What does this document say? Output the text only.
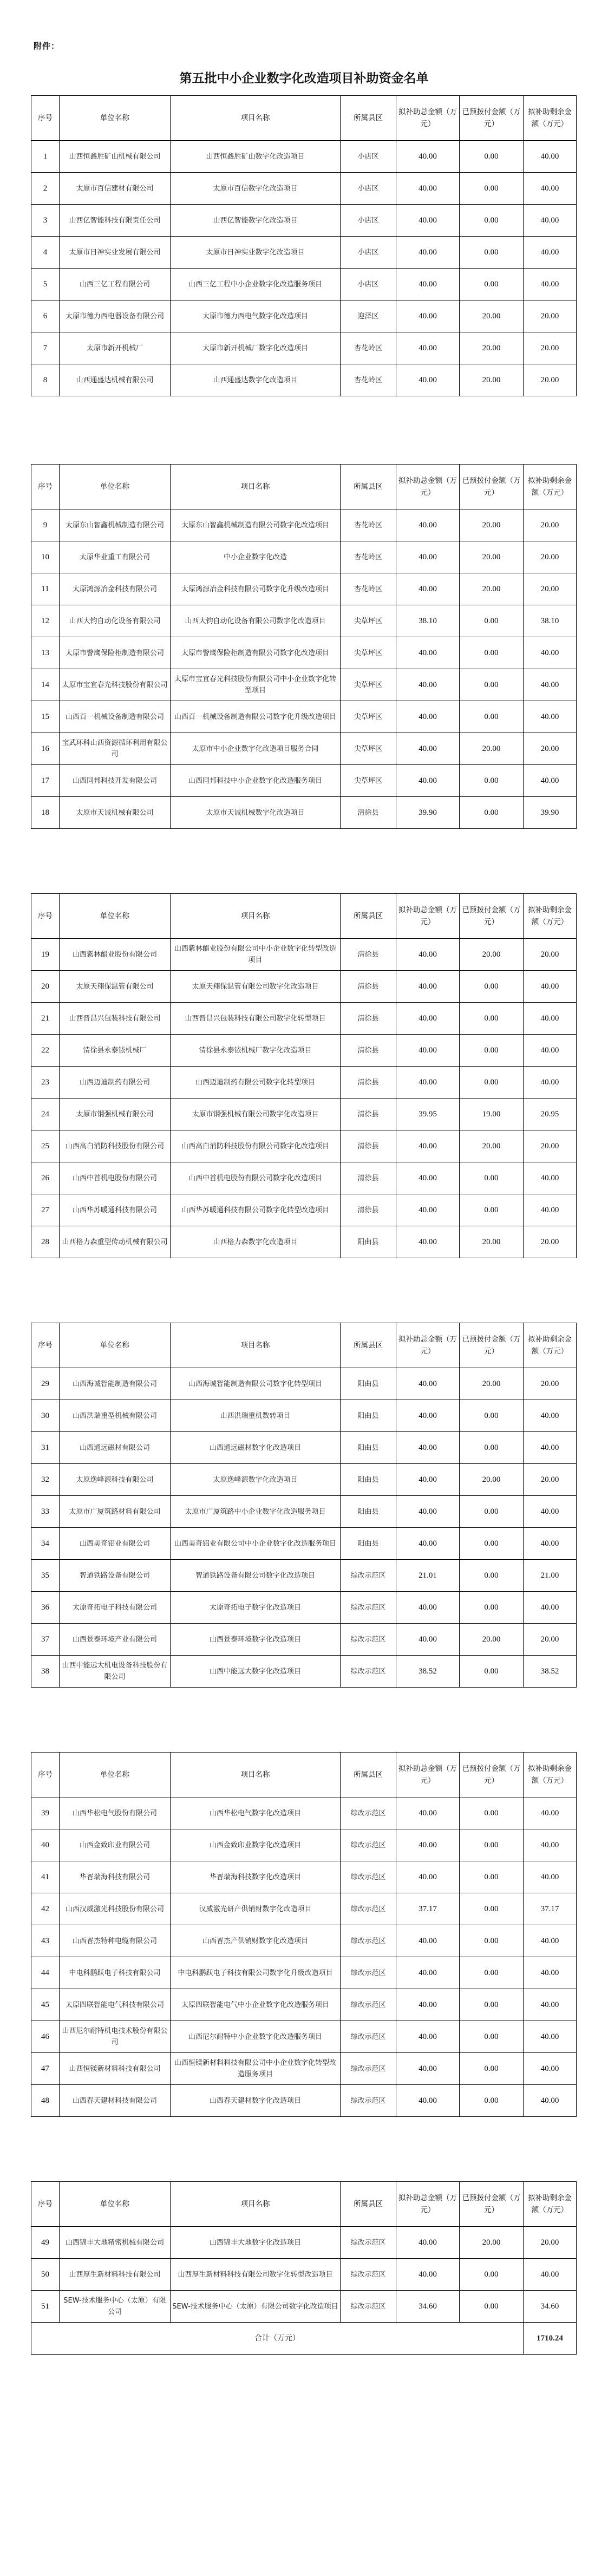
附件：
第五批中小企业数字化改造项目补助资金名单
序号	单位名称	项目名称	所属县区	拟补助总金额（万元）	已预拨付金额（万元）	拟补助剩余金额（万元）
1	山西恒鑫胜矿山机械有限公司	山西恒鑫胜矿山数字化改造项目	小店区	40.00	0.00	40.00
2	太原市百信建材有限公司	太原市百信数字化改造项目	小店区	40.00	0.00	40.00
3	山西亿智能科技有限责任公司	山西亿智能数字化改造项目	小店区	40.00	0.00	40.00
4	太原市日神实业发展有限公司	太原市日神实业数字化改造项目	小店区	40.00	0.00	40.00
5	山西三亿工程有限公司	山西三亿工程中小企业数字化改造服务项目	小店区	40.00	0.00	40.00
6	太原市德力西电器设备有限公司	太原市德力西电气数字化改造项目	迎泽区	40.00	20.00	20.00
7	太原市新开机械厂	太原市新开机械厂数字化改造项目	杏花岭区	40.00	20.00	20.00
8	山西通盛达机械有限公司	山西通盛达数字化改造项目	杏花岭区	40.00	20.00	20.00
序号	单位名称	项目名称	所属县区	拟补助总金额（万元）	已预拨付金额（万元）	拟补助剩余金额（万元）
9	太原东山智鑫机械制造有限公司	太原东山智鑫机械制造有限公司数字化改造项目	杏花岭区	40.00	20.00	20.00
10	太原华业重工有限公司	中小企业数字化改造	杏花岭区	40.00	20.00	20.00
11	太原鸿源冶金科技有限公司	太原鸿源冶金科技有限公司数字化升级改造项目	杏花岭区	40.00	20.00	20.00
12	山西大钧自动化设备有限公司	山西大钧自动化设备有限公司数字化改造项目	尖草坪区	38.10	0.00	38.10
13	太原市警鹰保险柜制造有限公司	太原市警鹰保险柜制造有限公司数字化改造项目	尖草坪区	40.00	0.00	40.00
14	太原市宝宜春光科技股份有限公司	太原市宝宜春光科技股份有限公司中小企业数字化转型项目	尖草坪区	40.00	0.00	40.00
15	山西百一机械设备制造有限公司	山西百一机械设备制造有限公司数字化升级改造项目	尖草坪区	40.00	0.00	40.00
16	宝武环科山西资源循环利用有限公司	太原市中小企业数字化改造项目服务合同	尖草坪区	40.00	20.00	20.00
17	山西同邦科技开发有限公司	山西同邦科技中小企业数字化改造服务项目	尖草坪区	40.00	0.00	40.00
18	太原市天诚机械有限公司	太原市天诚机械数字化改造项目	清徐县	39.90	0.00	39.90
序号	单位名称	项目名称	所属县区	拟补助总金额（万元）	已预拨付金额（万元）	拟补助剩余金额（万元）
19	山西紫林醋业股份有限公司	山西紫林醋业股份有限公司中小企业数字化转型改造项目	清徐县	40.00	20.00	20.00
20	太原天翔保温管有限公司	太原天翔保温管有限公司数字化改造项目	清徐县	40.00	0.00	40.00
21	山西晋昌兴包装科技有限公司	山西晋昌兴包装科技有限公司数字化转型项目	清徐县	40.00	0.00	40.00
22	清徐县永泰铱机械厂	清徐县永泰铱机械厂数字化改造项目	清徐县	40.00	0.00	40.00
23	山西迈迪制药有限公司	山西迈迪制药有限公司数字化转型项目	清徐县	40.00	0.00	40.00
24	太原市钢强机械有限公司	太原市钢强机械有限公司数字化改造项目	清徐县	39.95	19.00	20.95
25	山西高白消防科技股份有限公司	山西高白消防科技股份有限公司数字化改造项目	清徐县	40.00	20.00	20.00
26	山西中首机电股份有限公司	山西中首机电股份有限公司数字化改造项目	清徐县	40.00	0.00	40.00
27	山西华苏暖通科技有限公司	山西华苏暖通科技有限公司数字化转型改造项目	清徐县	40.00	0.00	40.00
28	山西格力森重型传动机械有限公司	山西格力森数字化改造项目	阳曲县	40.00	20.00	20.00
序号	单位名称	项目名称	所属县区	拟补助总金额（万元）	已预拨付金额（万元）	拟补助剩余金额（万元）
29	山西海诚智能制造有限公司	山西海诚智能制造有限公司数字化转型项目	阳曲县	40.00	20.00	20.00
30	山西洪瑞重型机械有限公司	山西洪瑞重机数转项目	阳曲县	40.00	0.00	40.00
31	山西通远磁材有限公司	山西通远磁材数字化改造项目	阳曲县	40.00	0.00	40.00
32	太原逸峰源科技有限公司	太原逸峰源数字化改造项目	阳曲县	40.00	20.00	20.00
33	太原市广厦筑路材料有限公司	太原市广厦筑路中小企业数字化改造服务项目	阳曲县	40.00	0.00	40.00
34	山西美奇铝业有限公司	山西美奇铝业有限公司中小企业数字化改造服务项目	阳曲县	40.00	0.00	40.00
35	智道铁路设备有限公司	智道铁路设备有限公司数字化改造项目	综改示范区	21.01	0.00	21.00
36	太原奇拓电子科技有限公司	太原奇拓电子数字化改造项目	综改示范区	40.00	0.00	40.00
37	山西景泰环境产业有限公司	山西景泰环境数字化改造项目	综改示范区	40.00	20.00	20.00
38	山西中能远大机电设备科技股份有限公司	山西中能远大数字化改造项目	综改示范区	38.52	0.00	38.52
序号	单位名称	项目名称	所属县区	拟补助总金额（万元）	已预拨付金额（万元）	拟补助剩余金额（万元）
39	山西华松电气股份有限公司	山西华松电气数字化改造项目	综改示范区	40.00	0.00	40.00
40	山西金致印业有限公司	山西金致印业数字化改造项目	综改示范区	40.00	0.00	40.00
41	华晋瑞海科技有限公司	华晋瑞海科技数字化改造项目	综改示范区	40.00	0.00	40.00
42	山西汉威激光科技股份有限公司	汉威激光研产供销财数字化改造项目	综改示范区	37.17	0.00	37.17
43	山西晋杰特种电缆有限公司	山西晋杰产供销财数字化改造项目	综改示范区	40.00	0.00	40.00
44	中电科鹏跃电子科技有限公司	中电科鹏跃电子科技有限公司数字化升级改造项目	综改示范区	40.00	0.00	40.00
45	太原四联智能电气科技有限公司	太原四联智能电气中小企业数字化改造服务项目	综改示范区	40.00	0.00	40.00
46	山西尼尔耐特机电技术股份有限公司	山西尼尔耐特中小企业数字化改造服务项目	综改示范区	40.00	0.00	40.00
47	山西恒镁新材料科技有限公司	山西恒镁新材料科技有限公司中小企业数字化转型改造服务项目	综改示范区	40.00	0.00	40.00
48	山西春天建材科技有限公司	山西春天建材数字化改造项目	综改示范区	40.00	0.00	40.00
序号	单位名称	项目名称	所属县区	拟补助总金额（万元）	已预拨付金额（万元）	拟补助剩余金额（万元）
49	山西锦丰大地精密机械有限公司	山西锦丰大地数字化改造项目	综改示范区	40.00	20.00	20.00
50	山西厚生新材料科技有限公司	山西厚生新材料科技有限公司数字化转型改造项目	综改示范区	40.00	0.00	40.00
51	SEW-技术服务中心（太原）有限公司	SEW-技术服务中心（太原）有限公司数字化改造项目	综改示范区	34.60	0.00	34.60
合计（万元）						1710.24
